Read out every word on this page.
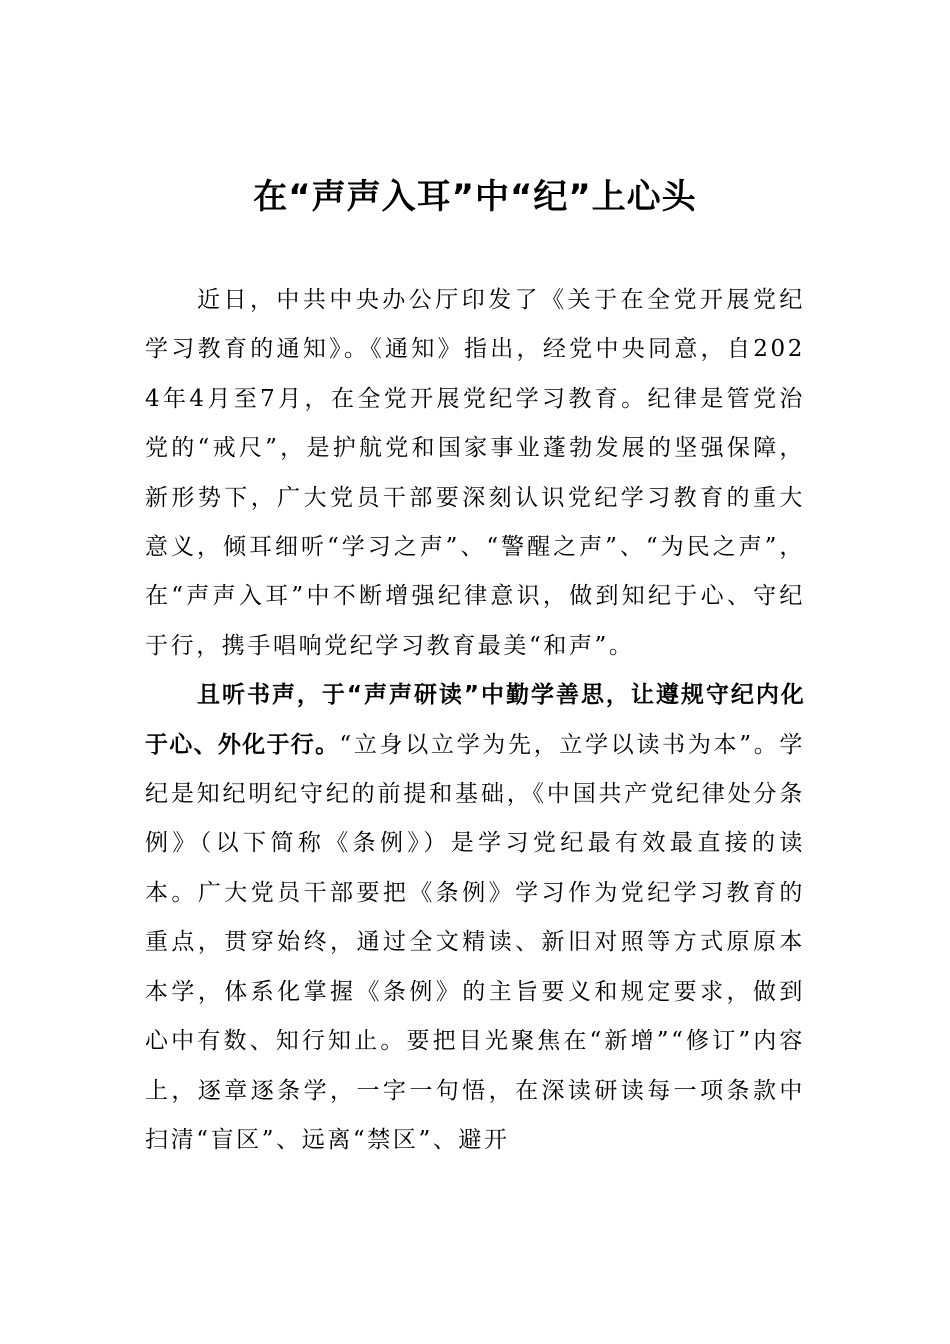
在“声声入耳”中“纪”上心头

近日，中共中央办公厅印发了《关于在全党开展党纪学习教育的通知》。《通知》指出，经党中央同意，自2024年4月至7月，在全党开展党纪学习教育。纪律是管党治党的“戒尺”，是护航党和国家事业蓬勃发展的坚强保障，新形势下，广大党员干部要深刻认识党纪学习教育的重大意义，倾耳细听“学习之声”、“警醒之声”、“为民之声”，在“声声入耳”中不断增强纪律意识，做到知纪于心、守纪于行，携手唱响党纪学习教育最美“和声”。

且听书声，于“声声研读”中勤学善思，让遵规守纪内化于心、外化于行。“立身以立学为先，立学以读书为本”。学纪是知纪明纪守纪的前提和基础，《中国共产党纪律处分条例》（以下简称《条例》）是学习党纪最有效最直接的读本。广大党员干部要把《条例》学习作为党纪学习教育的重点，贯穿始终，通过全文精读、新旧对照等方式原原本本学，体系化掌握《条例》的主旨要义和规定要求，做到心中有数、知行知止。要把目光聚焦在“新增”“修订”内容上，逐章逐条学，一字一句悟，在深读研读每一项条款中扫清“盲区”、远离“禁区”、避开
